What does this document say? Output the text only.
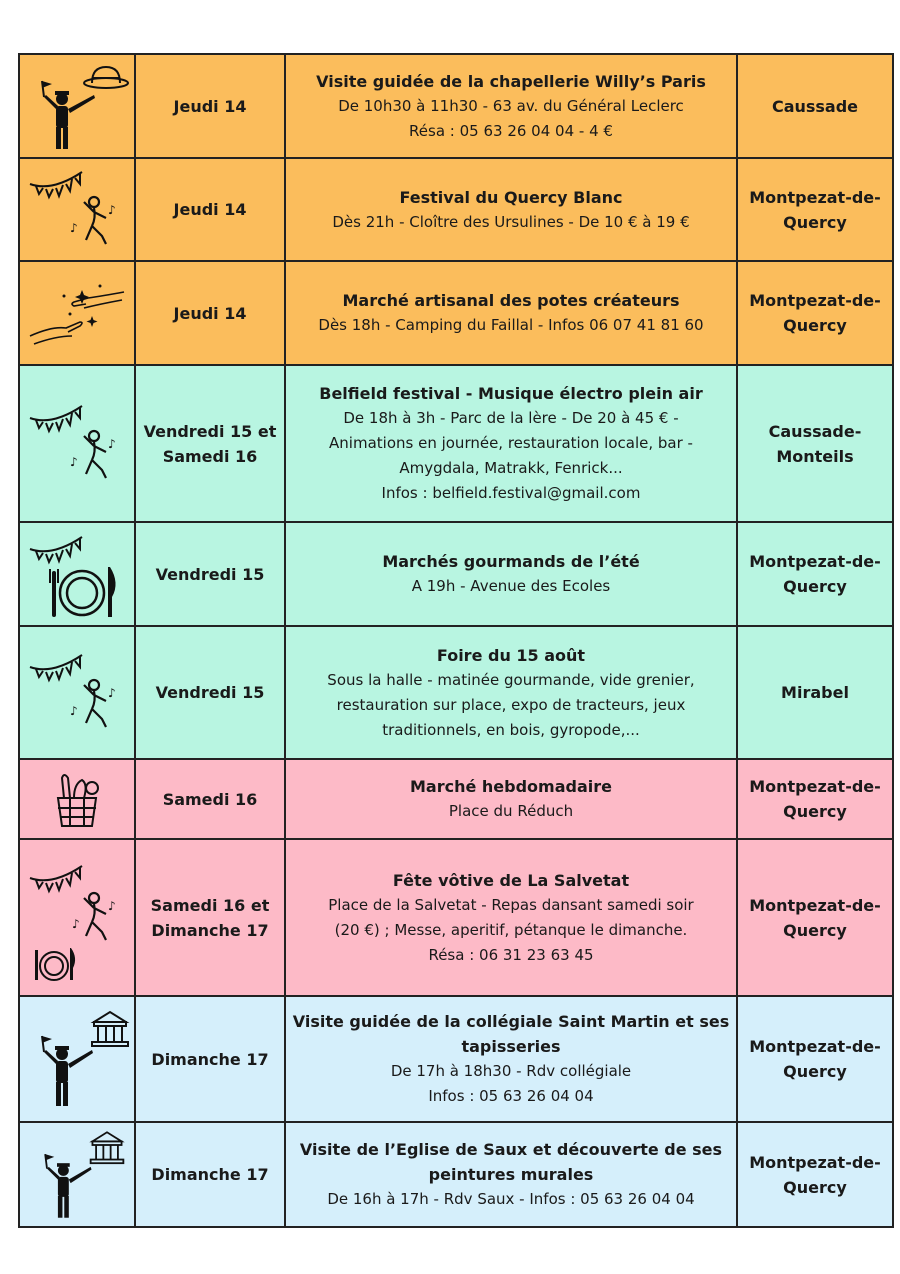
	Jeudi 14	Visite guidée de la chapellerie Willy’s Paris
De 10h30 à 11h30 - 63 av. du Général Leclerc
Résa : 05 63 26 04 04 - 4 €	Caussade

♪
♪	Jeudi 14	Festival du Quercy Blanc
Dès 21h - Cloître des Ursulines - De 10 € à 19 €	Montpezat-de-Quercy

	Jeudi 14	Marché artisanal des potes créateurs
Dès 18h - Camping du Faillal - Infos 06 07 41 81 60	Montpezat-de-Quercy

♪
♪	Vendredi 15 et Samedi 16	Belfield festival - Musique électro plein air
De 18h à 3h - Parc de la lère - De 20 à 45 € -
Animations en journée, restauration locale, bar -
Amygdala, Matrakk, Fenrick...
Infos : belfield.festival@gmail.com	Caussade-Monteils

	Vendredi 15	Marchés gourmands de l’été
A 19h - Avenue des Ecoles	Montpezat-de-Quercy

♪
♪	Vendredi 15	Foire du 15 août
Sous la halle - matinée gourmande, vide grenier,
restauration sur place, expo de tracteurs, jeux
traditionnels, en bois, gyropode,...	Mirabel

	Samedi 16	Marché hebdomadaire
Place du Réduch	Montpezat-de-Quercy

♪
♪	Samedi 16 et Dimanche 17	Fête vôtive de La Salvetat
Place de la Salvetat - Repas dansant samedi soir
(20 €) ; Messe, aperitif, pétanque le dimanche.
Résa : 06 31 23 63 45	Montpezat-de-Quercy

	Dimanche 17	Visite guidée de la collégiale Saint Martin et ses tapisseries
De 17h à 18h30 - Rdv collégiale
Infos : 05 63 26 04 04	Montpezat-de-Quercy

	Dimanche 17	Visite de l’Eglise de Saux et découverte de ses peintures murales
De 16h à 17h - Rdv Saux - Infos : 05 63 26 04 04	Montpezat-de-Quercy
